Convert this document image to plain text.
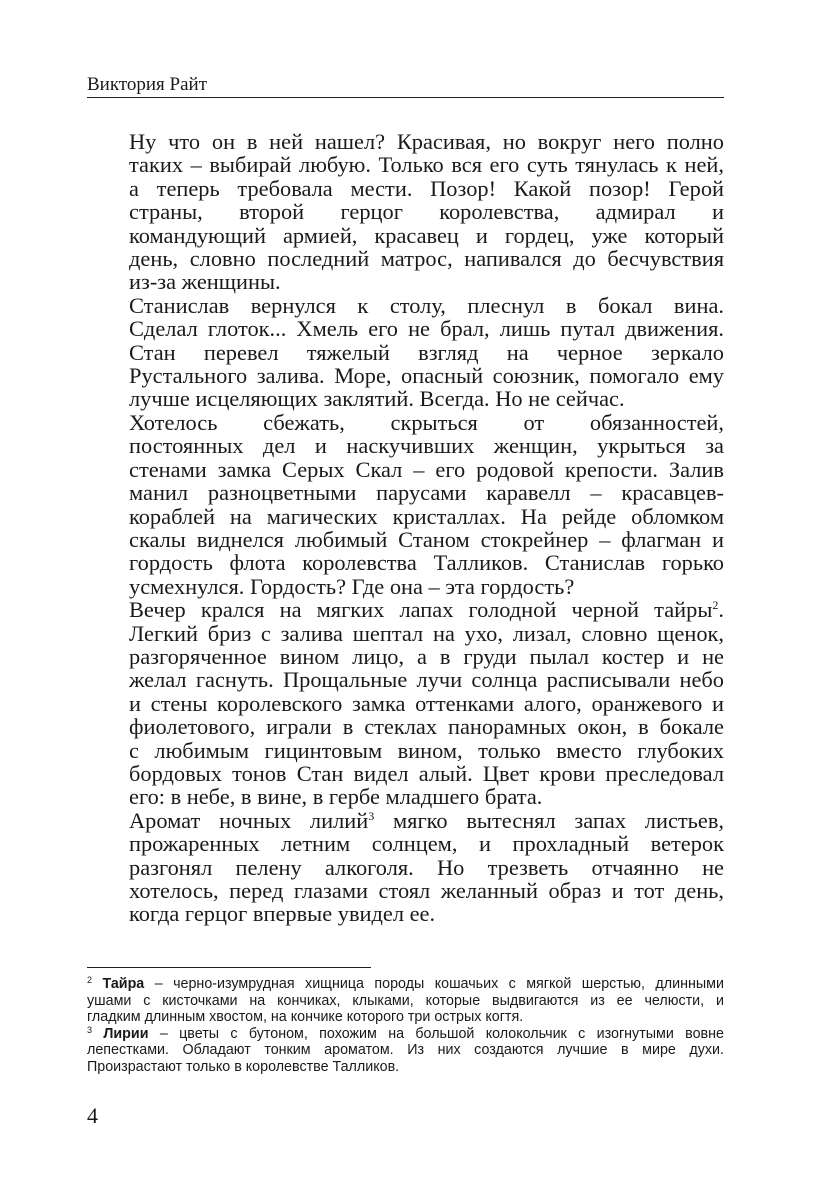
Виктория Райт

Ну что он в ней нашел? Красивая, но вокруг него полно
таких – выбирай любую. Только вся его суть тянулась к ней,
а теперь требовала мести. Позор! Какой позор! Герой
страны, второй герцог королевства, адмирал и
командующий армией, красавец и гордец, уже который
день, словно последний матрос, напивался до бесчувствия
из-за женщины.

Станислав вернулся к столу, плеснул в бокал вина.
Сделал глоток... Хмель его не брал, лишь путал движения.
Стан перевел тяжелый взгляд на черное зеркало
Рустального залива. Море, опасный союзник, помогало ему
лучше исцеляющих заклятий. Всегда. Но не сейчас.

Хотелось сбежать, скрыться от обязанностей,
постоянных дел и наскучивших женщин, укрыться за
стенами замка Серых Скал – его родовой крепости. Залив
манил разноцветными парусами каравелл – красавцев-
кораблей на магических кристаллах. На рейде обломком
скалы виднелся любимый Станом стокрейнер – флагман и
гордость флота королевства Талликов. Станислав горько
усмехнулся. Гордость? Где она – эта гордость?

Вечер крался на мягких лапах голодной черной тайры$^2$.
Легкий бриз с залива шептал на ухо, лизал, словно щенок,
разгоряченное вином лицо, а в груди пылал костер и не
желал гаснуть. Прощальные лучи солнца расписывали небо
и стены королевского замка оттенками алого, оранжевого и
фиолетового, играли в стеклах панорамных окон, в бокале
с любимым гицинтовым вином, только вместо глубоких
бордовых тонов Стан видел алый. Цвет крови преследовал
его: в небе, в вине, в гербе младшего брата.

Аромат ночных лилий$^3$ мягко вытеснял запах листьев,
прожаренных летним солнцем, и прохладный ветерок
разгонял пелену алкоголя. Но трезветь отчаянно не
хотелось, перед глазами стоял желанный образ и тот день,
когда герцог впервые увидел ее.

$^2$ Тайра – черно-изумрудная хищница породы кошачьих с мягкой шерстью, длинными
ушами с кисточками на кончиках, клыками, которые выдвигаются из ее челюсти, и
гладким длинным хвостом, на кончике которого три острых когтя.
$^3$ Лирии – цветы с бутоном, похожим на большой колокольчик с изогнутыми вовне
лепестками. Обладают тонким ароматом. Из них создаются лучшие в мире духи.
Произрастают только в королевстве Талликов.
4
